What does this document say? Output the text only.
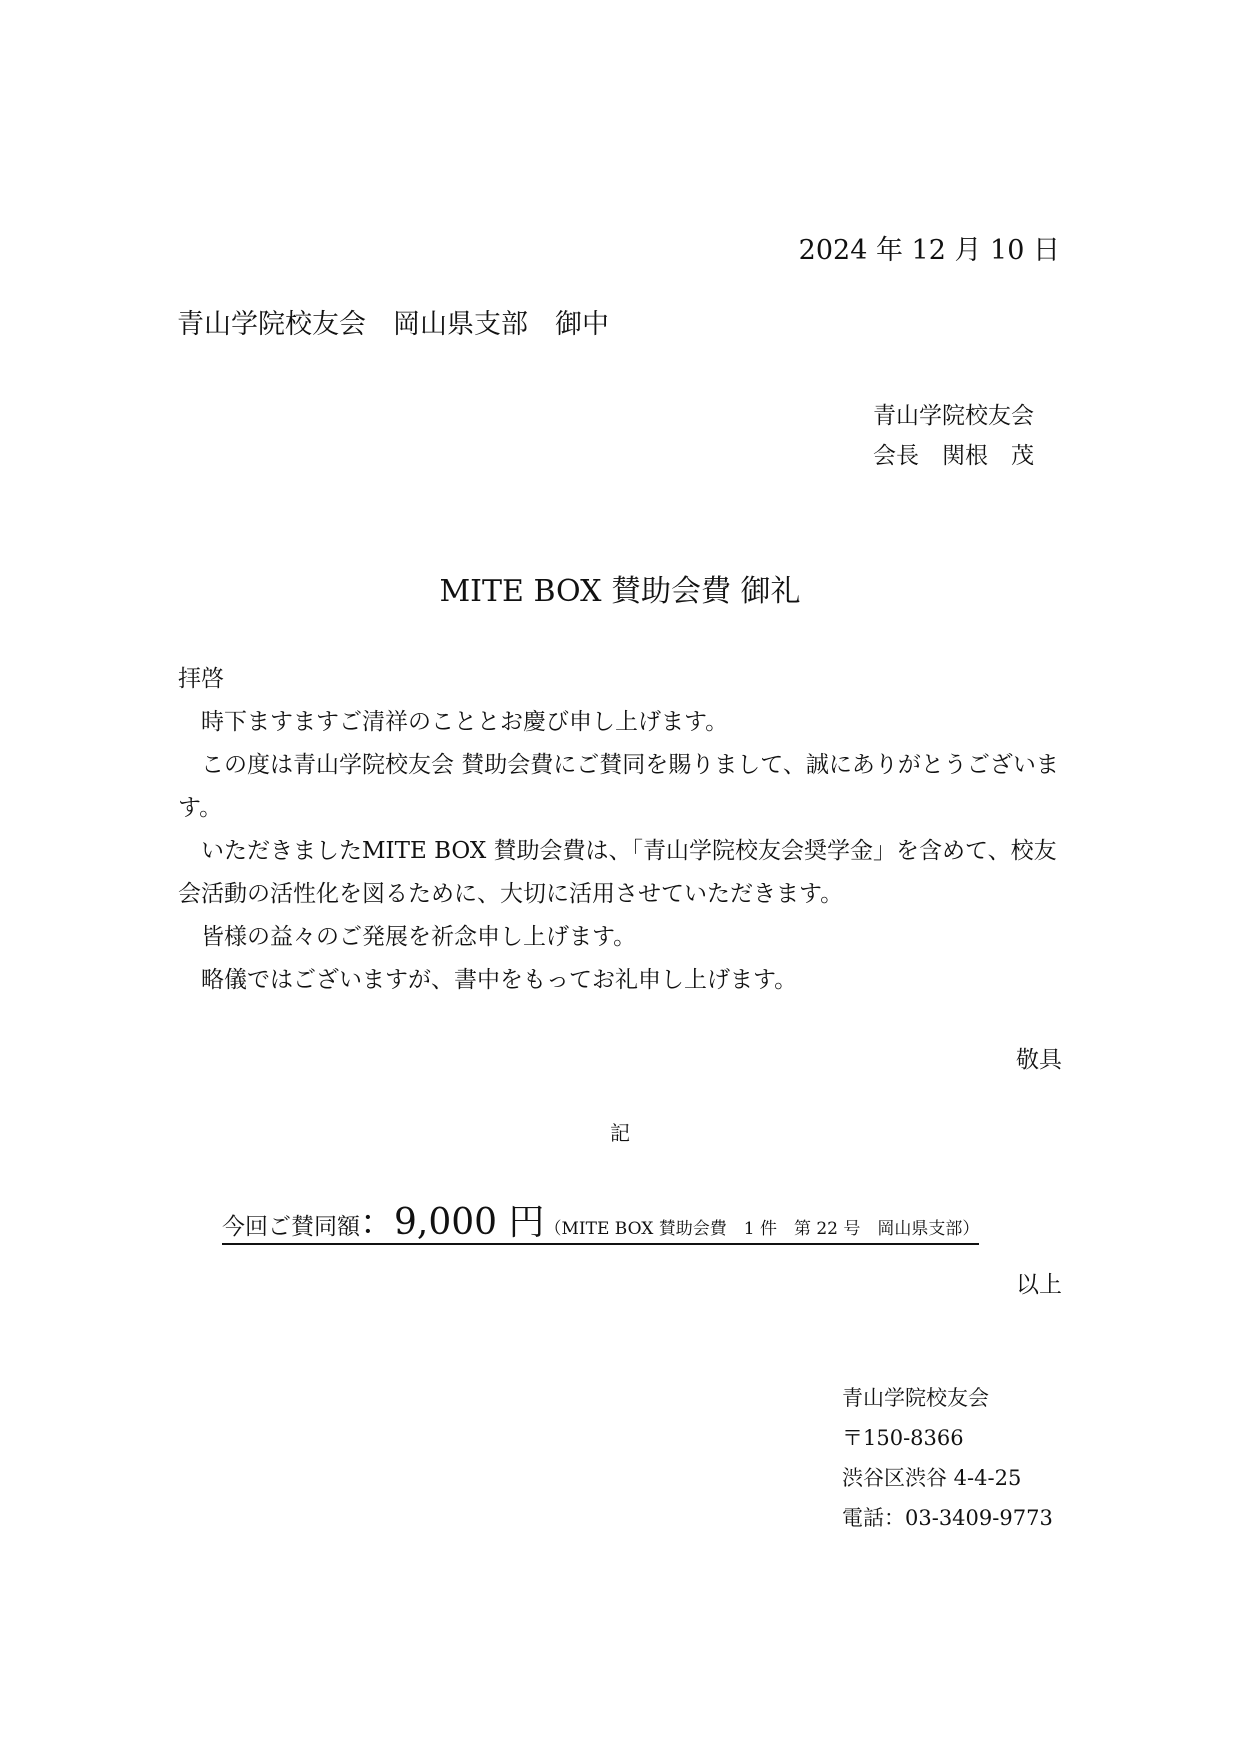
2024 年 12 月 10 日
青山学院校友会　岡山県支部　御中
青山学院校友会
会長　関根　茂
MITE BOX 賛助会費 御礼

拝啓

時下ますますご清祥のこととお慶び申し上げます。

この度は青山学院校友会 賛助会費にご賛同を賜りまして、誠にありがとうございます。

いただきましたMITE BOX 賛助会費は、「青山学院校友会奨学金」を含めて、校友会活動の活性化を図るために、大切に活用させていただきます。

皆様の益々のご発展を祈念申し上げます。

略儀ではございますが、書中をもってお礼申し上げます。

敬具
記
今回ご賛同額：9,000 円（MITE BOX 賛助会費　1 件　第 22 号　岡山県支部）
以上
青山学院校友会
〒150-8366
渋谷区渋谷 4-4-25
電話：03-3409-9773
